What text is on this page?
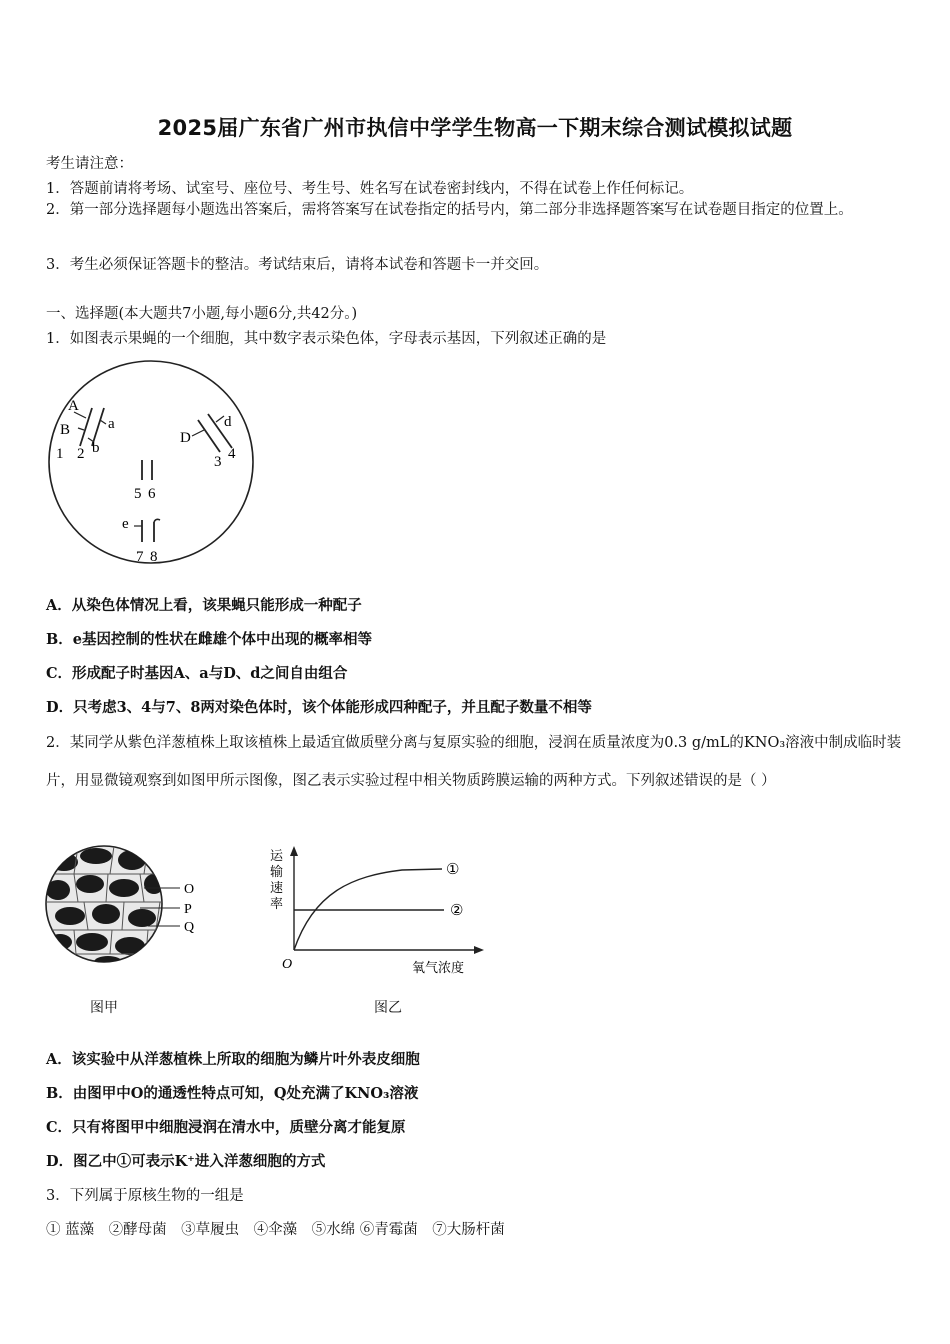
2025届广东省广州市执信中学学生物高一下期末综合测试模拟试题
考生请注意：
1．答题前请将考场、试室号、座位号、考生号、姓名写在试卷密封线内，不得在试卷上作任何标记。
2．第一部分选择题每小题选出答案后，需将答案写在试卷指定的括号内，第二部分非选择题答案写在试卷题目指定的位置上。
3．考生必须保证答题卡的整洁。考试结束后，请将本试卷和答题卡一并交回。
一、选择题(本大题共7小题,每小题6分,共42分。)
1．如图表示果蝇的一个细胞，其中数字表示染色体，字母表示基因，下列叙述正确的是
A
B	a
1 2 b
D
d
3 4
5 6
e
7 8
A．从染色体情况上看，该果蝇只能形成一种配子
B．e基因控制的性状在雌雄个体中出现的概率相等
C．形成配子时基因A、a与D、d之间自由组合
D．只考虑3、4与7、8两对染色体时，该个体能形成四种配子，并且配子数量不相等
2．某同学从紫色洋葱植株上取该植株上最适宜做质壁分离与复原实验的细胞，浸润在质量浓度为0.3 g/mL的KNO₃溶液中制成临时装片，用显微镜观察到如图甲所示图像，图乙表示实验过程中相关物质跨膜运输的两种方式。下列叙述错误的是（ ）
O
P
Q
图甲
运
输
速
率
O	氧气浓度
①
②
图乙
A．该实验中从洋葱植株上所取的细胞为鳞片叶外表皮细胞
B．由图甲中O的通透性特点可知，Q处充满了KNO₃溶液
C．只有将图甲中细胞浸润在清水中，质壁分离才能复原
D．图乙中①可表示K⁺进入洋葱细胞的方式
3．下列属于原核生物的一组是
① 蓝藻　②酵母菌　③草履虫　④伞藻　⑤水绵 ⑥青霉菌　⑦大肠杆菌
